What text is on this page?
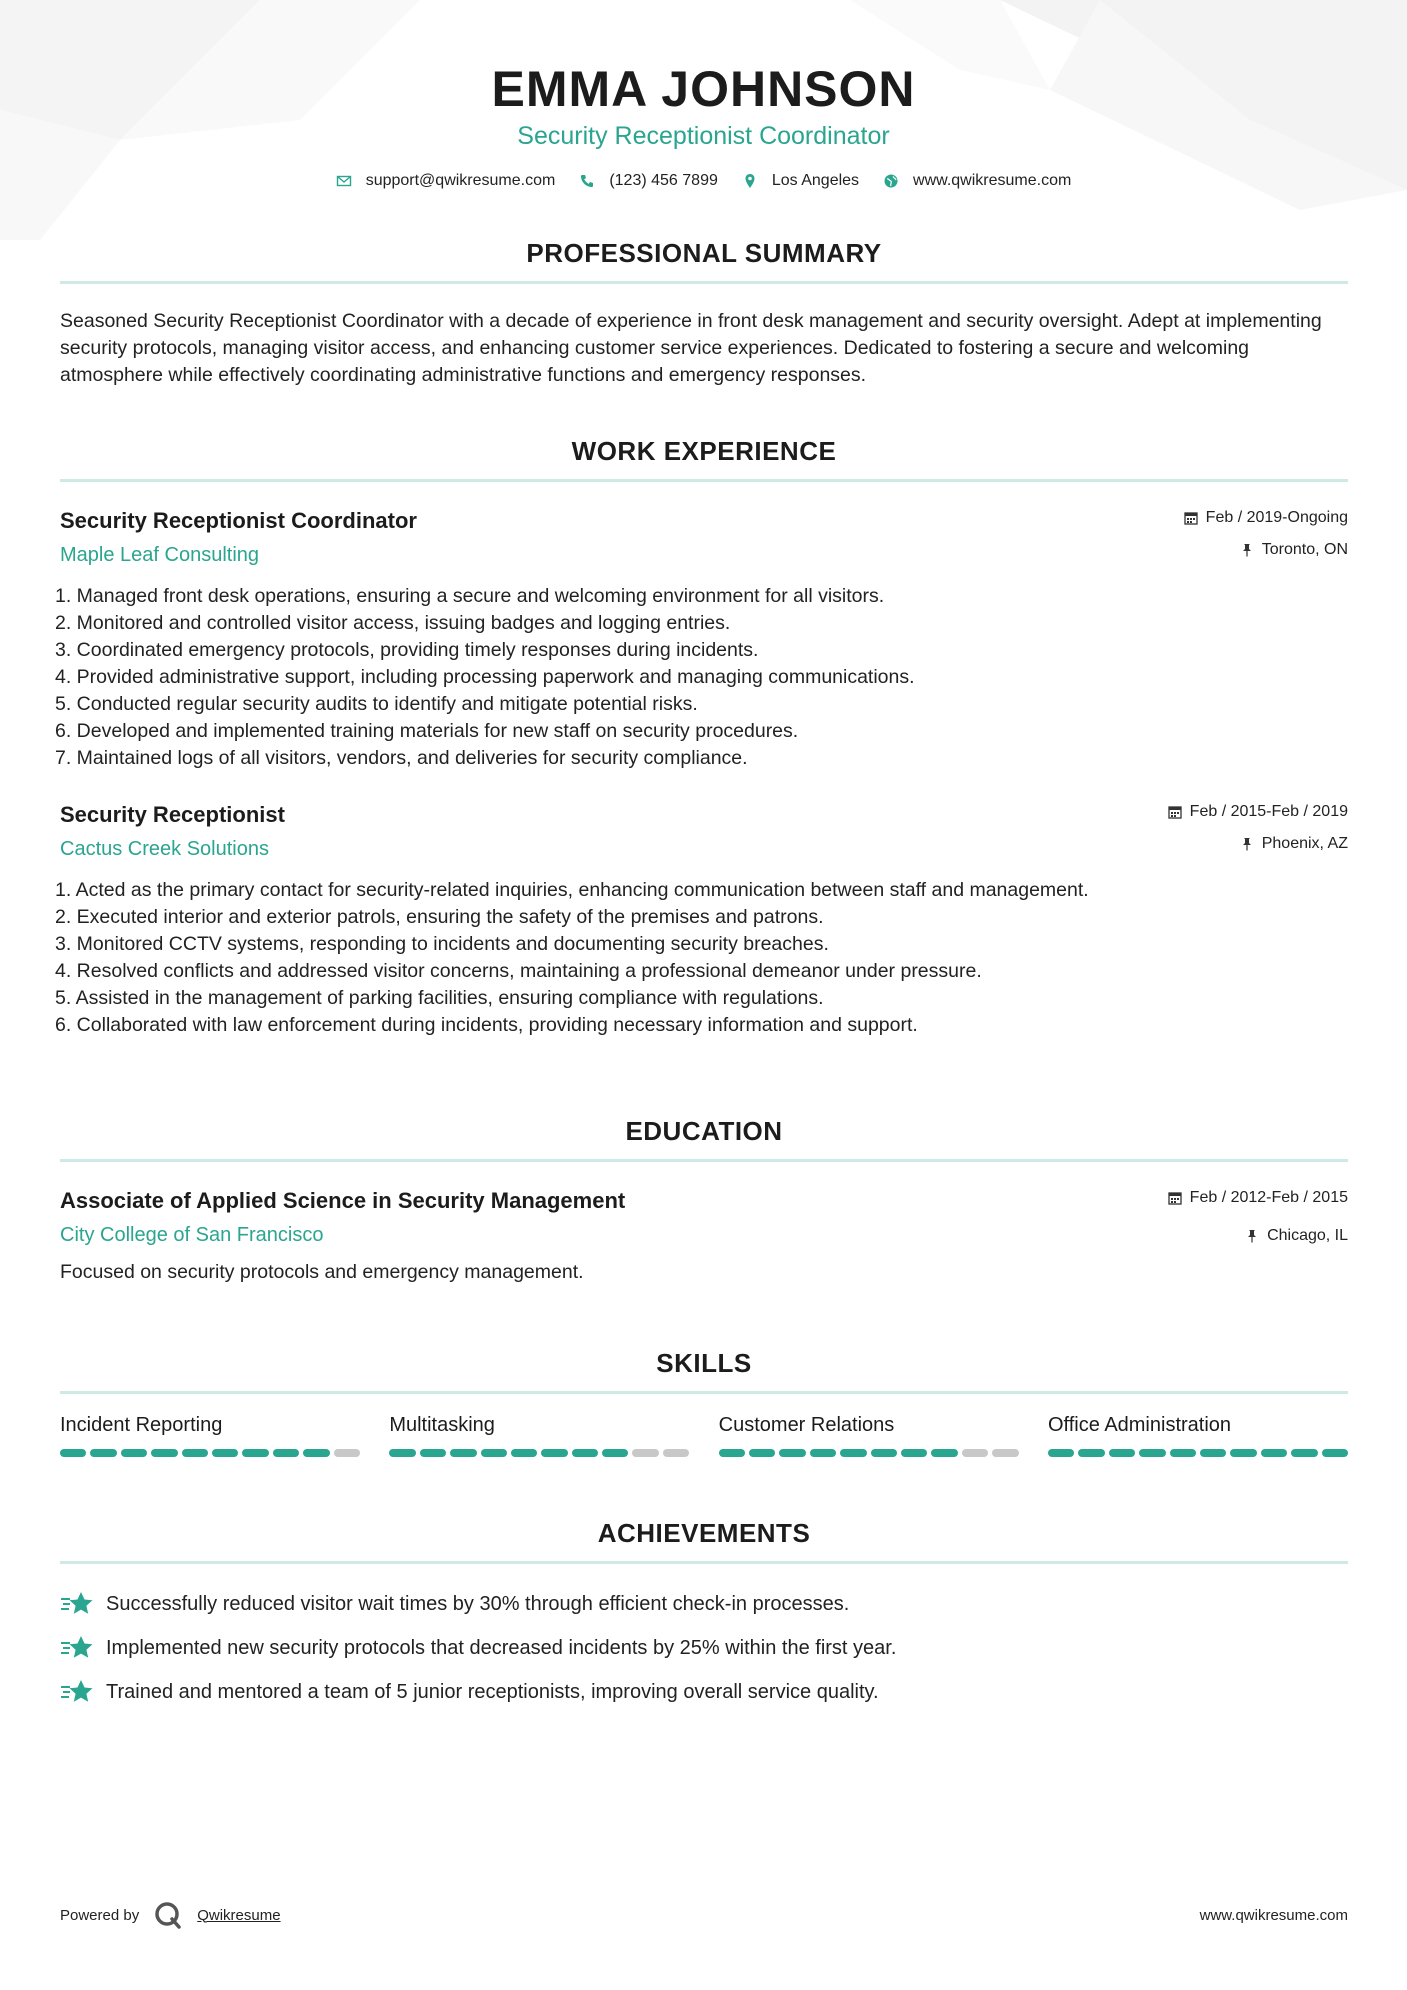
EMMA JOHNSON
Security Receptionist Coordinator
support@qwikresume.com	(123) 456 7899	Los Angeles	www.qwikresume.com
PROFESSIONAL SUMMARY
Seasoned Security Receptionist Coordinator with a decade of experience in front desk management and security oversight. Adept at implementing security protocols, managing visitor access, and enhancing customer service experiences. Dedicated to fostering a secure and welcoming atmosphere while effectively coordinating administrative functions and emergency responses.
WORK EXPERIENCE
Security Receptionist Coordinator
Maple Leaf Consulting
Feb / 2019-Ongoing
Toronto, ON
1. Managed front desk operations, ensuring a secure and welcoming environment for all visitors.
2. Monitored and controlled visitor access, issuing badges and logging entries.
3. Coordinated emergency protocols, providing timely responses during incidents.
4. Provided administrative support, including processing paperwork and managing communications.
5. Conducted regular security audits to identify and mitigate potential risks.
6. Developed and implemented training materials for new staff on security procedures.
7. Maintained logs of all visitors, vendors, and deliveries for security compliance.
Security Receptionist
Cactus Creek Solutions
Feb / 2015-Feb / 2019
Phoenix, AZ
1. Acted as the primary contact for security-related inquiries, enhancing communication between staff and management.
2. Executed interior and exterior patrols, ensuring the safety of the premises and patrons.
3. Monitored CCTV systems, responding to incidents and documenting security breaches.
4. Resolved conflicts and addressed visitor concerns, maintaining a professional demeanor under pressure.
5. Assisted in the management of parking facilities, ensuring compliance with regulations.
6. Collaborated with law enforcement during incidents, providing necessary information and support.
EDUCATION
Associate of Applied Science in Security Management
City College of San Francisco
Feb / 2012-Feb / 2015
Chicago, IL
Focused on security protocols and emergency management.
SKILLS
Incident Reporting	Multitasking	Customer Relations	Office Administration
ACHIEVEMENTS
Successfully reduced visitor wait times by 30% through efficient check-in processes.
Implemented new security protocols that decreased incidents by 25% within the first year.
Trained and mentored a team of 5 junior receptionists, improving overall service quality.
Powered by	Qwikresume	www.qwikresume.com
